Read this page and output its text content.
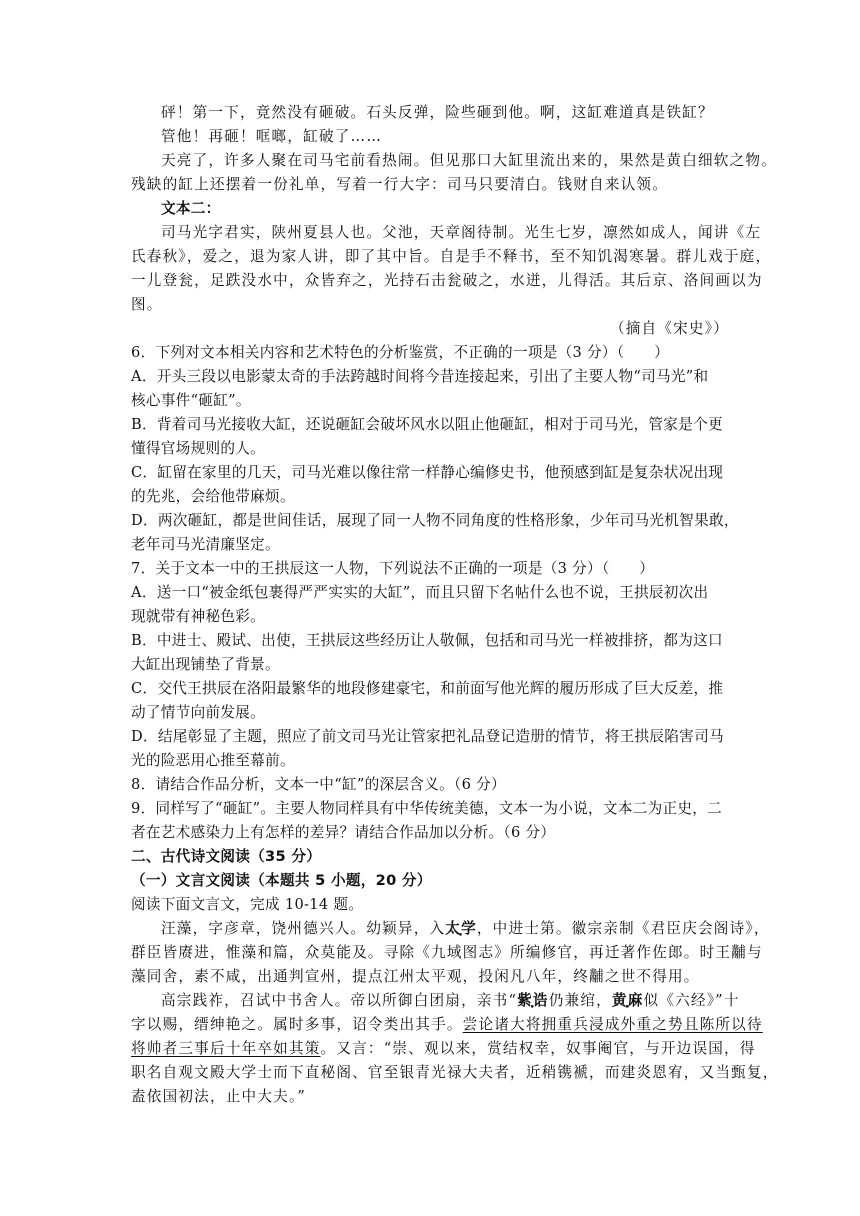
砰！第一下，竟然没有砸破。石头反弹，险些砸到他。啊，这缸难道真是铁缸？
管他！再砸！哐啷，缸破了……
天亮了，许多人聚在司马宅前看热闹。但见那口大缸里流出来的，果然是黄白细软之物。
残缺的缸上还摆着一份礼单，写着一行大字：司马只要清白。钱财自来认领。
文本二：
司马光字君实，陕州夏县人也。父池，天章阁待制。光生七岁，凛然如成人，闻讲《左
氏春秋》，爱之，退为家人讲，即了其中旨。自是手不释书，至不知饥渴寒暑。群儿戏于庭，
一儿登瓮，足跌没水中，众皆弃之，光持石击瓮破之，水迸，儿得活。其后京、洛间画以为
图。
（摘自《宋史》）
6．下列对文本相关内容和艺术特色的分析鉴赏，不正确的一项是（3 分）（　　）
A．开头三段以电影蒙太奇的手法跨越时间将今昔连接起来，引出了主要人物“司马光”和
核心事件“砸缸”。
B．背着司马光接收大缸，还说砸缸会破坏风水以阻止他砸缸，相对于司马光，管家是个更
懂得官场规则的人。
C．缸留在家里的几天，司马光难以像往常一样静心编修史书，他预感到缸是复杂状况出现
的先兆，会给他带麻烦。
D．两次砸缸，都是世间佳话，展现了同一人物不同角度的性格形象，少年司马光机智果敢，
老年司马光清廉坚定。
7．关于文本一中的王拱辰这一人物，下列说法不正确的一项是（3 分）（　　）
A．送一口“被金纸包裹得严严实实的大缸”，而且只留下名帖什么也不说，王拱辰初次出
现就带有神秘色彩。
B．中进士、殿试、出使，王拱辰这些经历让人敬佩，包括和司马光一样被排挤，都为这口
大缸出现铺垫了背景。
C．交代王拱辰在洛阳最繁华的地段修建豪宅，和前面写他光辉的履历形成了巨大反差，推
动了情节向前发展。
D．结尾彰显了主题，照应了前文司马光让管家把礼品登记造册的情节，将王拱辰陷害司马
光的险恶用心推至幕前。
8．请结合作品分析，文本一中“缸”的深层含义。（6 分）
9．同样写了“砸缸”。主要人物同样具有中华传统美德，文本一为小说，文本二为正史，二
者在艺术感染力上有怎样的差异？请结合作品加以分析。（6 分）
二、古代诗文阅读（35 分）
（一）文言文阅读（本题共 5 小题，20 分）
阅读下面文言文，完成 10-14 题。
汪藻，字彦章，饶州德兴人。幼颖异，入太学，中进士第。徽宗亲制《君臣庆会阁诗》，
群臣皆赓进，惟藻和篇，众莫能及。寻除《九域图志》所编修官，再迁著作佐郎。时王黼与
藻同舍，素不咸，出通判宣州，提点江州太平观，投闲凡八年，终黼之世不得用。
高宗践祚，召试中书舍人。帝以所御白团扇，亲书“紫诰仍兼绾，黄麻似《六经》”十
字以赐，缙绅艳之。属时多事，诏令类出其手。尝论诸大将拥重兵浸成外重之势且陈所以待
将帅者三事后十年卒如其策。又言：“崇、观以来，赏结权幸，奴事阉官，与开边误国，得
职名自观文殿大学士而下直秘阁、官至银青光禄大夫者，近稍镌褫，而建炎恩宥，又当甄复，
盍依国初法，止中大夫。”
